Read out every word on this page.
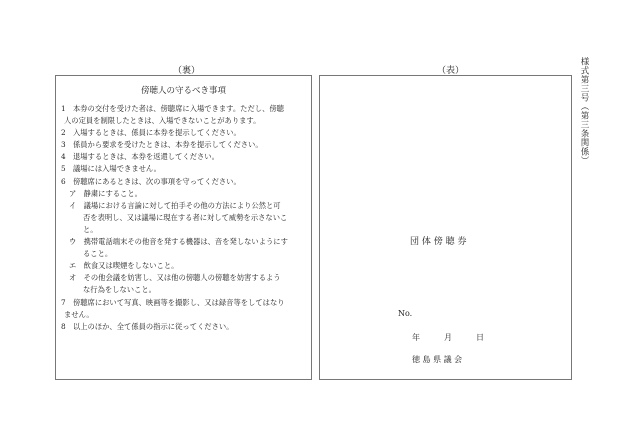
様式第三号（第三条関係）
（裏）	（表）
傍聴人の守るべき事項
1　本券の交付を受けた者は、傍聴席に入場できます。ただし、傍聴
人の定員を制限したときは、入場できないことがあります。
2　入場するときは、係員に本券を提示してください。
3　係員から要求を受けたときは、本券を提示してください。
4　退場するときは、本券を返還してください。
5　議場には入場できません。
6　傍聴席にあるときは、次の事項を守ってください。
ア　静粛にすること。
イ　議場における言論に対して拍手その他の方法により公然と可
否を表明し、又は議場に現在する者に対して威勢を示さないこ
と。
ウ　携帯電話端末その他音を発する機器は、音を発しないようにす
ること。
エ　飲食又は喫煙をしないこと。
オ　その他会議を妨害し、又は他の傍聴人の傍聴を妨害するよう
な行為をしないこと。
7　傍聴席において写真、映画等を撮影し、又は録音等をしてはなり
ません。
8　以上のほか、全て係員の指示に従ってください。
団 体 傍 聴 券
No.
年　　　月　　　日
徳 島 県 議 会
